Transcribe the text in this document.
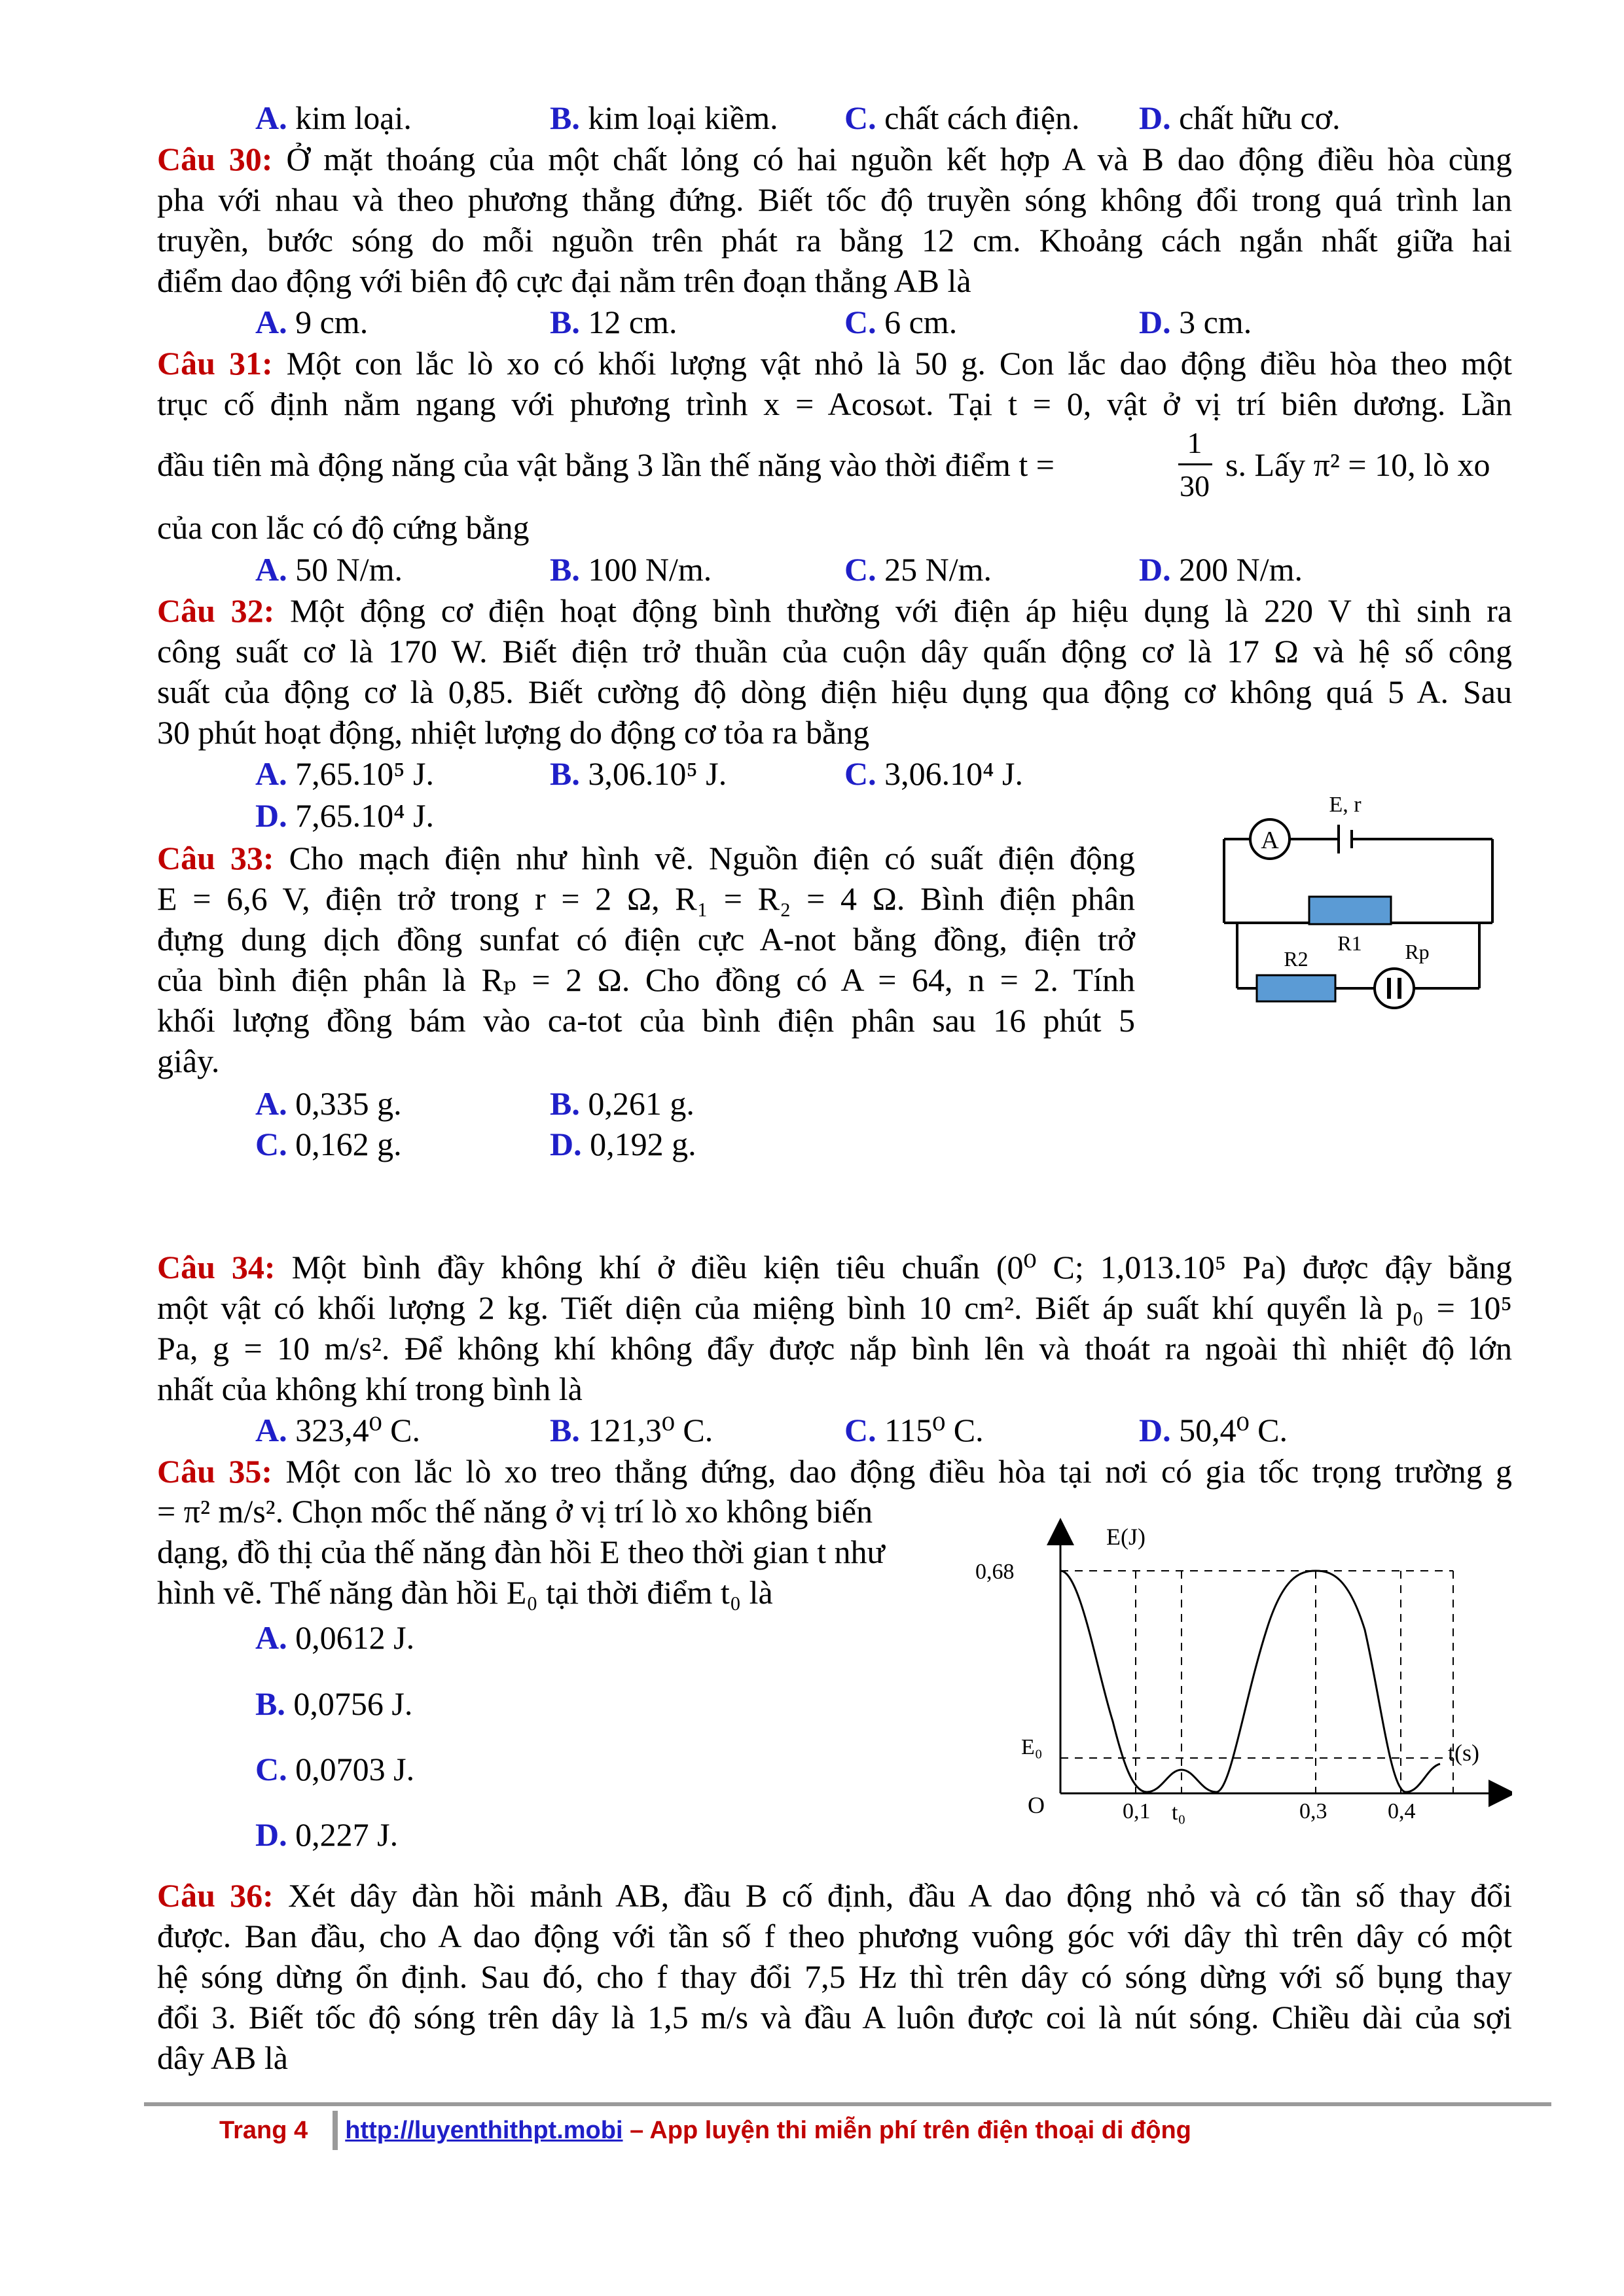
A. kim loại.	B. kim loại kiềm. C. chất cách điện. D. chất hữu cơ.
Câu 30: Ở mặt thoáng của một chất lỏng có hai nguồn kết hợp A và B dao động điều hòa cùng
pha với nhau và theo phương thẳng đứng. Biết tốc độ truyền sóng không đổi trong quá trình lan
truyền, bước sóng do mỗi nguồn trên phát ra bằng 12 cm. Khoảng cách ngắn nhất giữa hai
điểm dao động với biên độ cực đại nằm trên đoạn thẳng AB là
A. 9 cm.	B. 12 cm.	C. 6 cm.	D. 3 cm.
Câu 31: Một con lắc lò xo có khối lượng vật nhỏ là 50 g. Con lắc dao động điều hòa theo một
trục cố định nằm ngang với phương trình x = Acosωt. Tại t = 0, vật ở vị trí biên dương. Lần
đầu tiên mà động năng của vật bằng 3 lần thế năng vào thời điểm t =
1
30
s. Lấy π² = 10, lò xo
của con lắc có độ cứng bằng
A. 50 N/m.	B. 100 N/m.	C. 25 N/m.	D. 200 N/m.
Câu 32: Một động cơ điện hoạt động bình thường với điện áp hiệu dụng là 220 V thì sinh ra
công suất cơ là 170 W. Biết điện trở thuần của cuộn dây quấn động cơ là 17 Ω và hệ số công
suất của động cơ là 0,85. Biết cường độ dòng điện hiệu dụng qua động cơ không quá 5 A. Sau
30 phút hoạt động, nhiệt lượng do động cơ tỏa ra bằng
A. 7,65.10⁵ J.	B. 3,06.10⁵ J.	C. 3,06.10⁴ J.
D. 7,65.10⁴ J.
Câu 33: Cho mạch điện như hình vẽ. Nguồn điện có suất điện động
E = 6,6 V, điện trở trong r = 2 Ω, R₁ = R₂ = 4 Ω. Bình điện phân
đựng dung dịch đồng sunfat có điện cực A-not bằng đồng, điện trở
của bình điện phân là Rₚ = 2 Ω. Cho đồng có A = 64, n = 2. Tính
khối lượng đồng bám vào ca-tot của bình điện phân sau 16 phút 5
giây.
A. 0,335 g.	B. 0,261 g.
C. 0,162 g.	D. 0,192 g.
A
E, r
R1
R2	Rp
Câu 34: Một bình đầy không khí ở điều kiện tiêu chuẩn (0⁰ C; 1,013.10⁵ Pa) được đậy bằng
một vật có khối lượng 2 kg. Tiết diện của miệng bình 10 cm². Biết áp suất khí quyển là p₀ = 10⁵
Pa, g = 10 m/s². Để không khí không đẩy được nắp bình lên và thoát ra ngoài thì nhiệt độ lớn
nhất của không khí trong bình là
A. 323,4⁰ C.	B. 121,3⁰ C.	C. 115⁰ C.	D. 50,4⁰ C.
Câu 35: Một con lắc lò xo treo thẳng đứng, dao động điều hòa tại nơi có gia tốc trọng trường g
= π² m/s². Chọn mốc thế năng ở vị trí lò xo không biến
dạng, đồ thị của thế năng đàn hồi E theo thời gian t như
hình vẽ. Thế năng đàn hồi E₀ tại thời điểm t₀ là
A. 0,0612 J.
B. 0,0756 J.
C. 0,0703 J.
D. 0,227 J.
E(J)
t(s)
0,68
E₀
O	0,1 t₀	0,3	0,4
Câu 36: Xét dây đàn hồi mảnh AB, đầu B cố định, đầu A dao động nhỏ và có tần số thay đổi
được. Ban đầu, cho A dao động với tần số f theo phương vuông góc với dây thì trên dây có một
hệ sóng dừng ổn định. Sau đó, cho f thay đổi 7,5 Hz thì trên dây có sóng dừng với số bụng thay
đổi 3. Biết tốc độ sóng trên dây là 1,5 m/s và đầu A luôn được coi là nút sóng. Chiều dài của sợi
dây AB là
Trang 4 http://luyenthithpt.mobi – App luyện thi miễn phí trên điện thoại di động
